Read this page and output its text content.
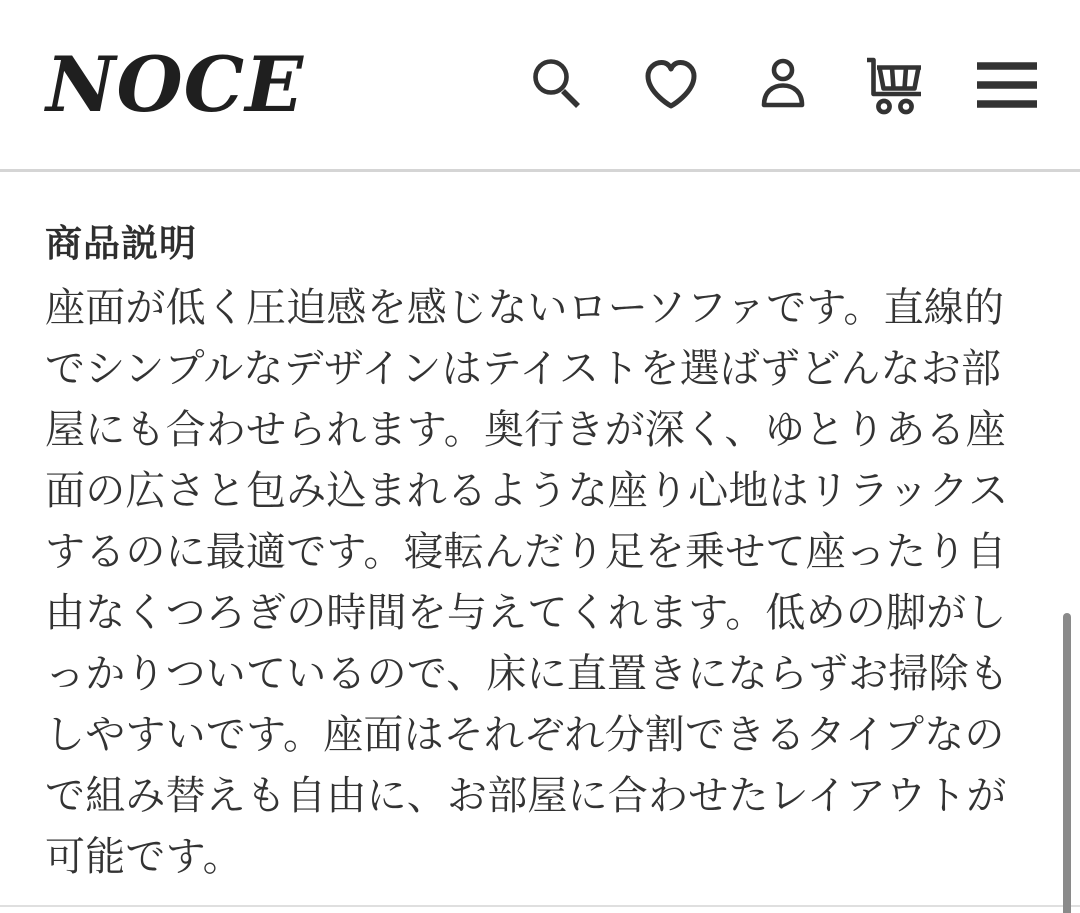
NOCE
商品説明
座面が低く圧迫感を感じないローソファです。直線的
でシンプルなデザインはテイストを選ばずどんなお部
屋にも合わせられます。奥行きが深く、ゆとりある座
面の広さと包み込まれるような座り心地はリラックス
するのに最適です。寝転んだり足を乗せて座ったり自
由なくつろぎの時間を与えてくれます。低めの脚がし
っかりついているので、床に直置きにならずお掃除も
しやすいです。座面はそれぞれ分割できるタイプなの
で組み替えも自由に、お部屋に合わせたレイアウトが
可能です。
